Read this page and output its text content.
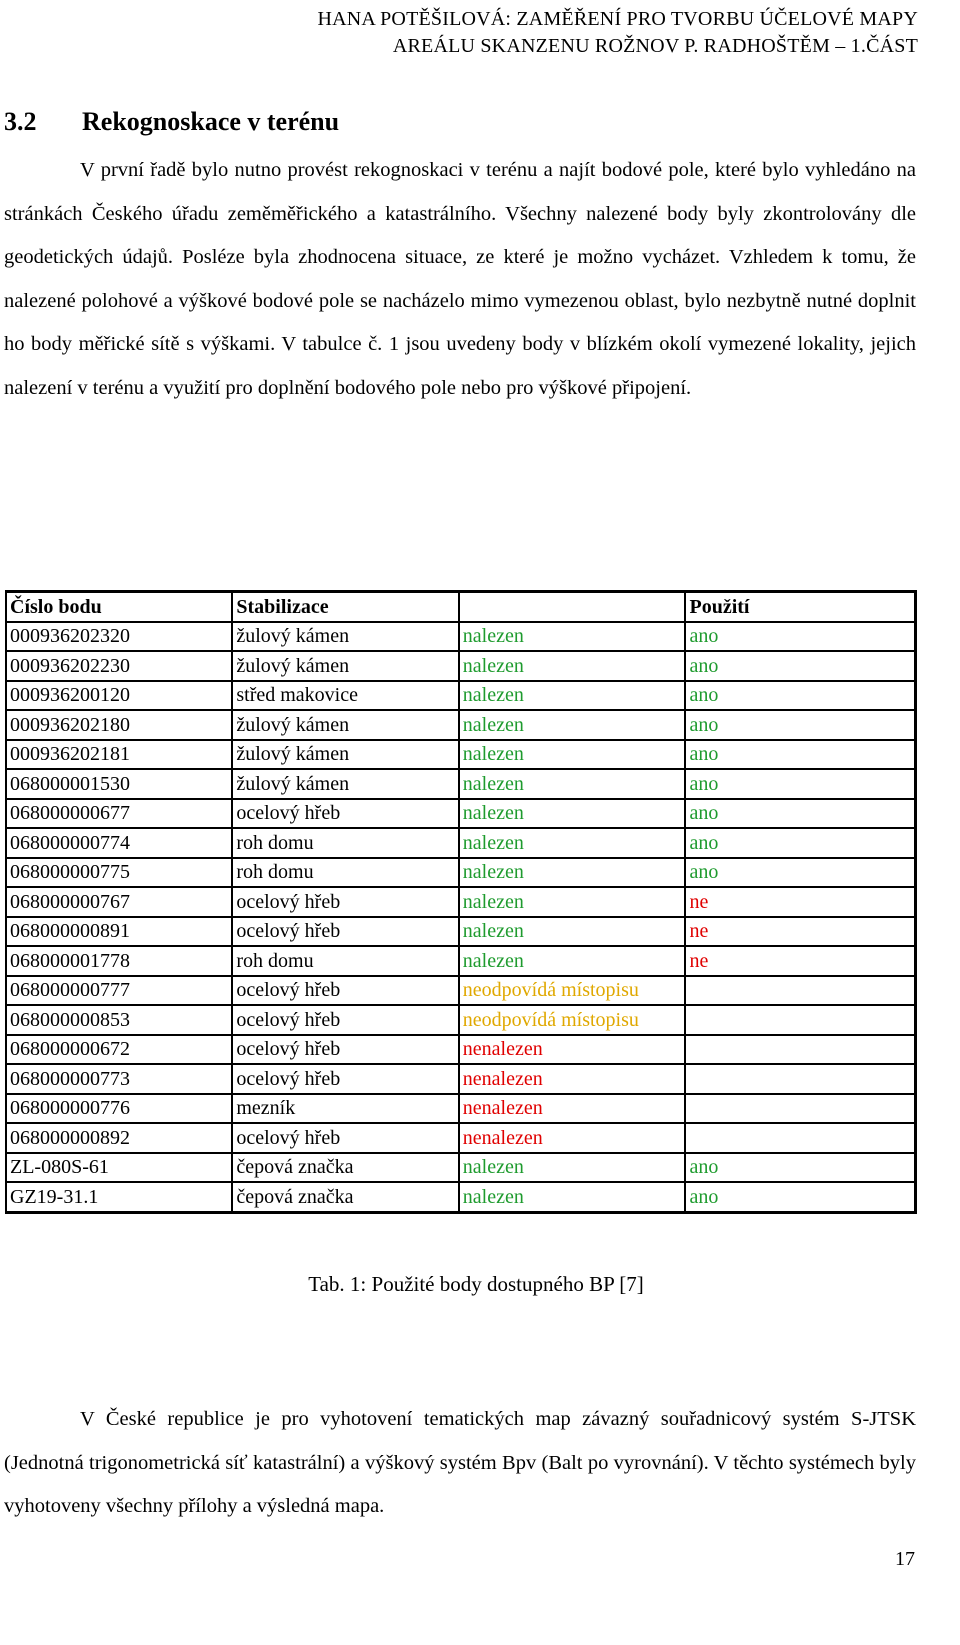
HANA POTĚŠILOVÁ: ZAMĚŘENÍ PRO TVORBU ÚČELOVÉ MAPY
AREÁLU SKANZENU ROŽNOV P. RADHOŠTĚM – 1.ČÁST
3.2 Rekognoskace v terénu

V první řadě bylo nutno provést rekognoskaci v terénu a najít bodové pole, které bylo vyhledáno na stránkách Českého úřadu zeměměřického a katastrálního. Všechny nalezené body byly zkontrolovány dle geodetických údajů. Posléze byla zhodnocena situace, ze které je možno vycházet. Vzhledem k tomu, že nalezené polohové a výškové bodové pole se nacházelo mimo vymezenou oblast, bylo nezbytně nutné doplnit ho body měřické sítě s výškami. V tabulce č. 1 jsou uvedeny body v blízkém okolí vymezené lokality, jejich nalezení v terénu a využití pro doplnění bodového pole nebo pro výškové připojení.

Číslo bodu	Stabilizace		Použití
000936202320	žulový kámen	nalezen	ano
000936202230	žulový kámen	nalezen	ano
000936200120	střed makovice	nalezen	ano
000936202180	žulový kámen	nalezen	ano
000936202181	žulový kámen	nalezen	ano
068000001530	žulový kámen	nalezen	ano
068000000677	ocelový hřeb	nalezen	ano
068000000774	roh domu	nalezen	ano
068000000775	roh domu	nalezen	ano
068000000767	ocelový hřeb	nalezen	ne
068000000891	ocelový hřeb	nalezen	ne
068000001778	roh domu	nalezen	ne
068000000777	ocelový hřeb	neodpovídá místopisu	
068000000853	ocelový hřeb	neodpovídá místopisu	
068000000672	ocelový hřeb	nenalezen	
068000000773	ocelový hřeb	nenalezen	
068000000776	mezník	nenalezen	
068000000892	ocelový hřeb	nenalezen	
ZL-080S-61	čepová značka	nalezen	ano
GZ19-31.1	čepová značka	nalezen	ano
Tab. 1: Použité body dostupného BP [7]

V České republice je pro vyhotovení tematických map závazný souřadnicový systém S-JTSK (Jednotná trigonometrická síť katastrální) a výškový systém Bpv (Balt po vyrovnání). V těchto systémech byly vyhotoveny všechny přílohy a výsledná mapa.

17
